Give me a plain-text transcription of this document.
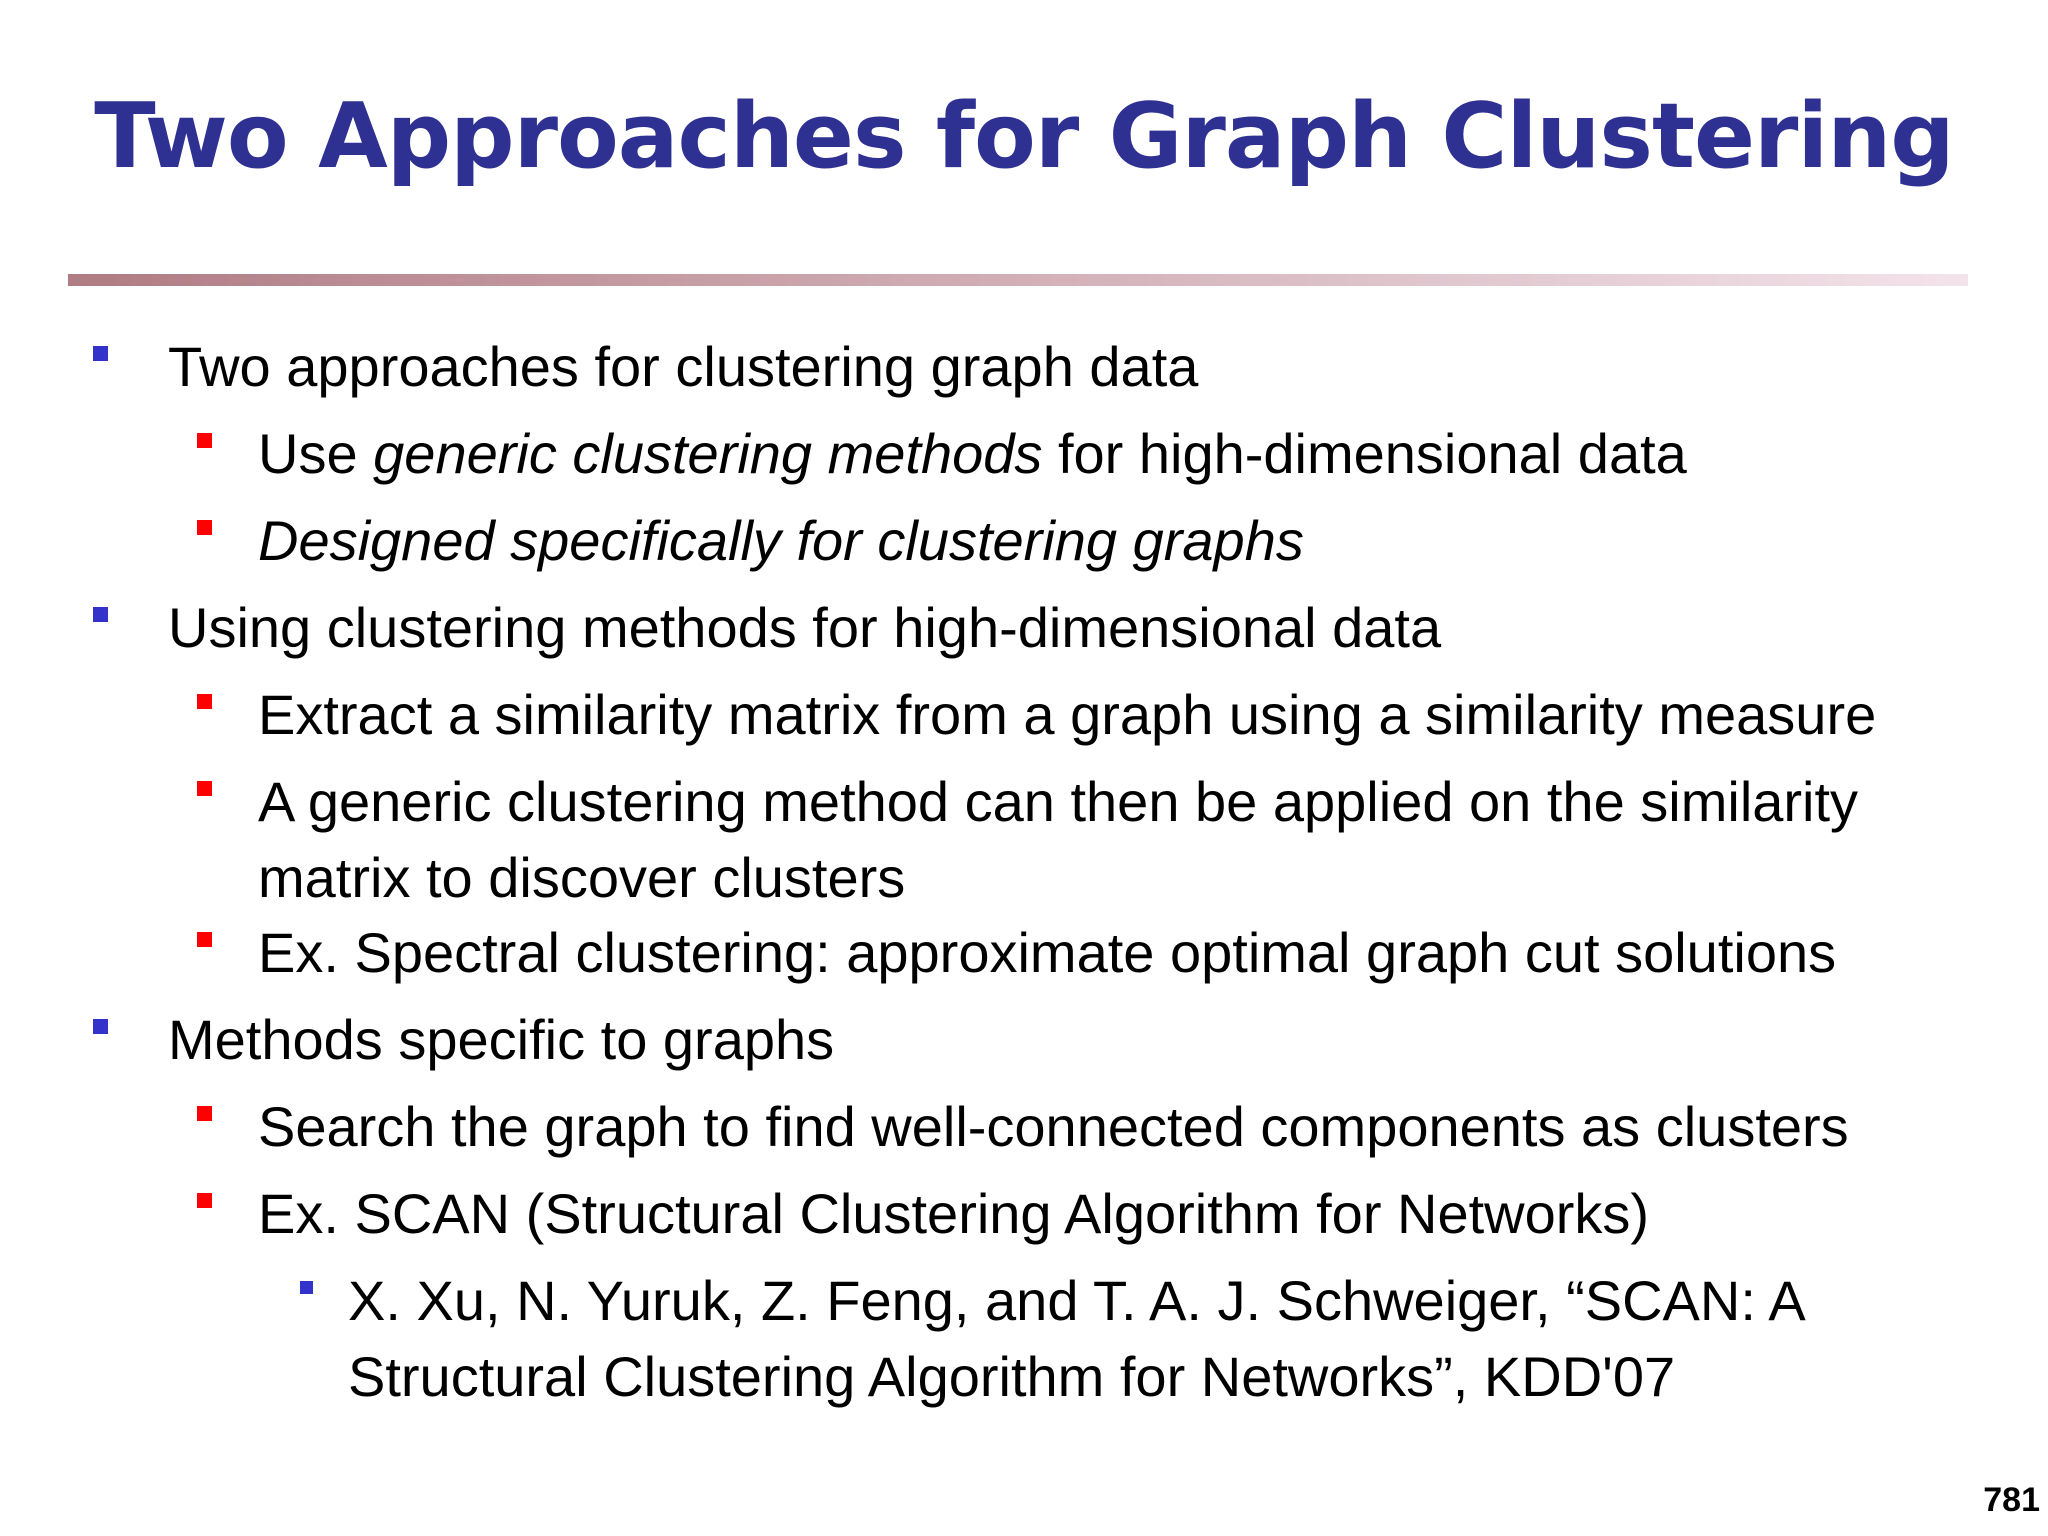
Two Approaches for Graph Clustering
Two approaches for clustering graph data
Use generic clustering methods for high-dimensional data
Designed specifically for clustering graphs
Using clustering methods for high-dimensional data
Extract a similarity matrix from a graph using a similarity measure
A generic clustering method can then be applied on the similarity
matrix to discover clusters
Ex. Spectral clustering: approximate optimal graph cut solutions
Methods specific to graphs
Search the graph to find well-connected components as clusters
Ex. SCAN (Structural Clustering Algorithm for Networks)
X. Xu, N. Yuruk, Z. Feng, and T. A. J. Schweiger, “SCAN: A
Structural Clustering Algorithm for Networks”, KDD'07
781
